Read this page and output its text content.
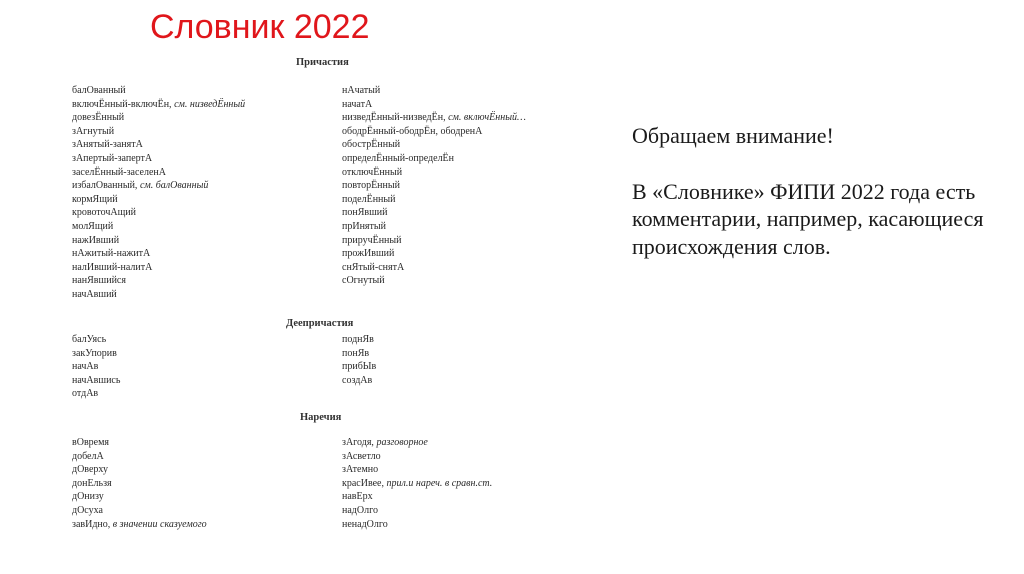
Словник 2022
Причастия
балОванный
включЁнный-включЁн, см. низведЁнный
довезЁнный
зАгнутый
зАнятый-занятА
зАпертый-запертА
заселЁнный-заселенА
избалОванный, см. балОванный
кормЯщий
кровоточАщий
молЯщий
нажИвший
нАжитый-нажитА
налИвший-налитА
нанЯвшийся
начАвший
нАчатый
начатА
низведЁнный-низведЁн, см. включЁнный…
ободрЁнный-ободрЁн, ободренА
обострЁнный
определЁнный-определЁн
отключЁнный
повторЁнный
поделЁнный
понЯвший
прИнятый
приручЁнный
прожИвший
снЯтый-снятА
сОгнутый
Деепричастия
балУясь
закУпорив
начАв
начАвшись
отдАв
поднЯв
понЯв
прибЫв
создАв
Наречия
вОвремя
добелА
дОверху
донЕльзя
дОнизу
дОсуха
завИдно, в значении сказуемого
зАгодя, разговорное
зАсветло
зАтемно
красИвее, прил.и нареч. в сравн.ст.
навЕрх
надОлго
ненадОлго

Обращаем внимание!

В «Словнике» ФИПИ 2022 года есть комментарии, например, касающиеся происхождения слов.
